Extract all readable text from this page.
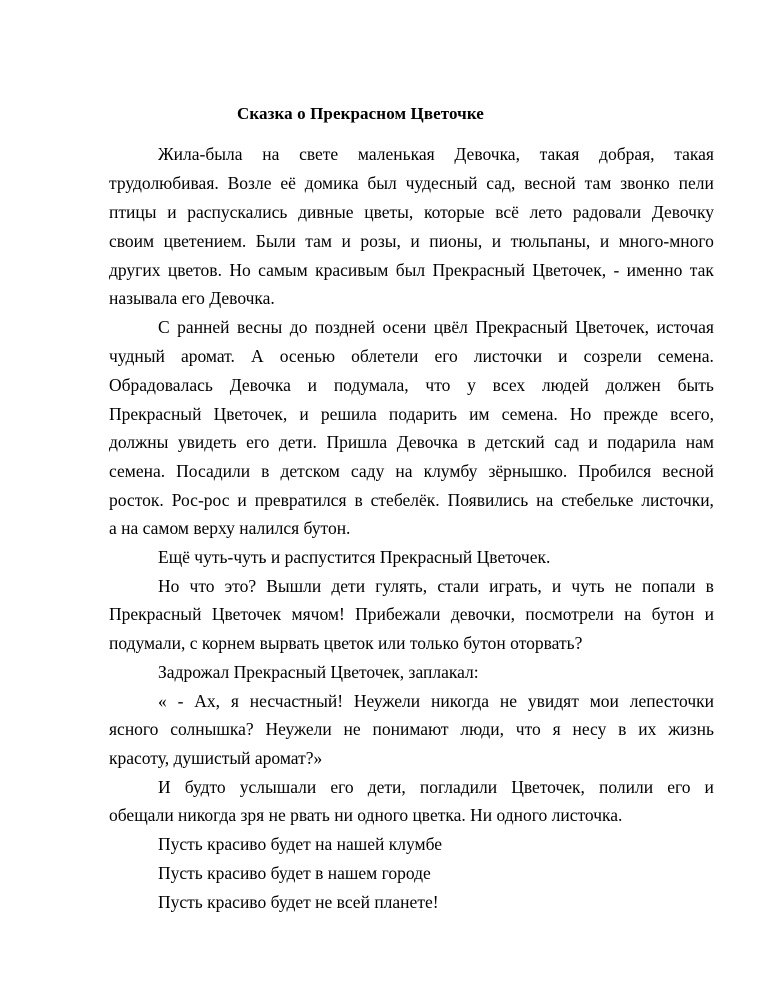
Сказка о Прекрасном Цветочке
Жила-была на свете маленькая Девочка, такая добрая, такая
трудолюбивая. Возле её домика был чудесный сад, весной там звонко пели
птицы и распускались дивные цветы, которые всё лето радовали Девочку
своим цветением. Были там и розы, и пионы, и тюльпаны, и много-много
других цветов. Но самым красивым был Прекрасный Цветочек, - именно так
называла его Девочка.
С ранней весны до поздней осени цвёл Прекрасный Цветочек, источая
чудный аромат. А осенью облетели его листочки и созрели семена.
Обрадовалась Девочка и подумала, что у всех людей должен быть
Прекрасный Цветочек, и решила подарить им семена. Но прежде всего,
должны увидеть его дети. Пришла Девочка в детский сад и подарила нам
семена. Посадили в детском саду на клумбу зёрнышко. Пробился весной
росток. Рос-рос и превратился в стебелёк. Появились на стебельке листочки,
а на самом верху налился бутон.
Ещё чуть-чуть и распустится Прекрасный Цветочек.
Но что это? Вышли дети гулять, стали играть, и чуть не попали в
Прекрасный Цветочек мячом! Прибежали девочки, посмотрели на бутон и
подумали, с корнем вырвать цветок или только бутон оторвать?
Задрожал Прекрасный Цветочек, заплакал:
« - Ах, я несчастный! Неужели никогда не увидят мои лепесточки
ясного солнышка? Неужели не понимают люди, что я несу в их жизнь
красоту, душистый аромат?»
И будто услышали его дети, погладили Цветочек, полили его и
обещали никогда зря не рвать ни одного цветка. Ни одного листочка.
Пусть красиво будет на нашей клумбе
Пусть красиво будет в нашем городе
Пусть красиво будет не всей планете!
